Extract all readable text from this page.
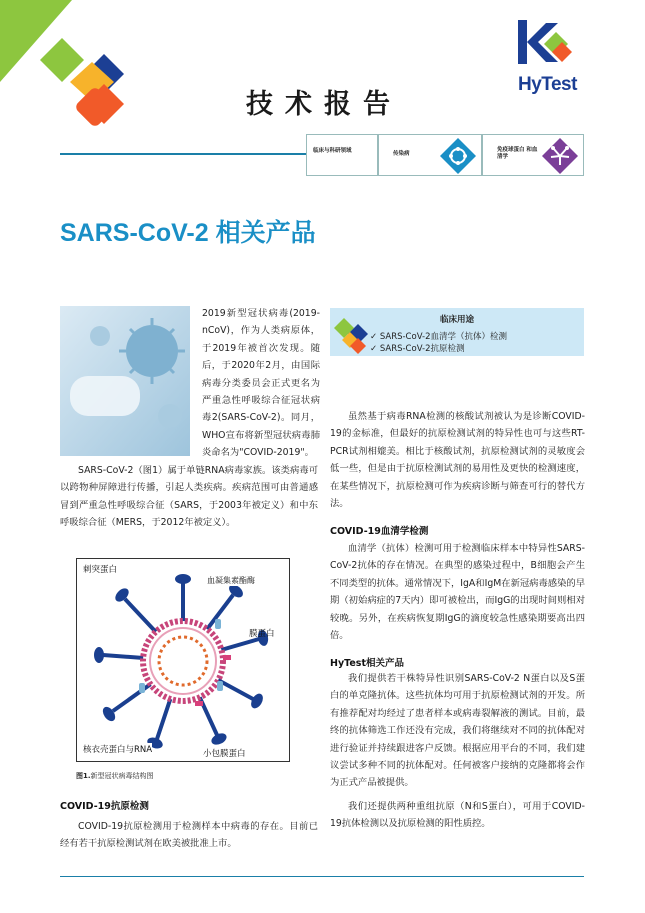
HyTest
技术报告
临床与科研领域	传染病
免疫球蛋白 和血清学
SARS-CoV-2 相关产品
2019新型冠状病毒(2019-nCoV)，作为人类病原体，于2019年被首次发现。随后，于2020年2月，由国际病毒分类委员会正式更名为严重急性呼吸综合征冠状病毒2(SARS-CoV-2)。同月，WHO宣布将新型冠状病毒肺炎命名为"COVID-2019"。
SARS-CoV-2（图1）属于单链RNA病毒家族。该类病毒可以跨物种屏障进行传播，引起人类疾病。疾病范围可由普通感冒到严重急性呼吸综合征（SARS，于2003年被定义）和中东呼吸综合征（MERS，于2012年被定义）。
临床用途
✓ SARS-CoV-2血清学（抗体）检测
✓ SARS-CoV-2抗原检测
虽然基于病毒RNA检测的核酸试剂被认为是诊断COVID-19的金标准，但最好的抗原检测试剂的特异性也可与这些RT-PCR试剂相媲美。相比于核酸试剂，抗原检测试剂的灵敏度会低一些，但是由于抗原检测试剂的易用性及更快的检测速度，在某些情况下，抗原检测可作为疾病诊断与筛查可行的替代方法。
COVID-19血清学检测
血清学（抗体）检测可用于检测临床样本中特异性SARS-CoV-2抗体的存在情况。在典型的感染过程中，B细胞会产生不同类型的抗体。通常情况下，IgA和IgM在新冠病毒感染的早期（初始病症的7天内）即可被检出，而IgG的出现时间则相对较晚。另外，在疾病恢复期IgG的滴度较急性感染期要高出四倍。
HyTest相关产品
我们提供若干株特异性识别SARS-CoV-2 N蛋白以及S蛋白的单克隆抗体。这些抗体均可用于抗原检测试剂的开发。所有推荐配对均经过了患者样本或病毒裂解液的测试。目前，最终的抗体筛选工作还没有完成，我们将继续对不同的抗体配对进行验证并持续跟进客户反馈。根据应用平台的不同，我们建议尝试多种不同的抗体配对。任何被客户接纳的克隆都将会作为正式产品被提供。
我们还提供两种重组抗原（N和S蛋白），可用于COVID-19抗体检测以及抗原检测的阳性质控。
刺突蛋白
血凝集素酯酶
膜蛋白
核衣壳蛋白与RNA	小包膜蛋白
图1.新型冠状病毒结构图
COVID-19抗原检测
COVID-19抗原检测用于检测样本中病毒的存在。目前已经有若干抗原检测试剂在欧美被批准上市。
